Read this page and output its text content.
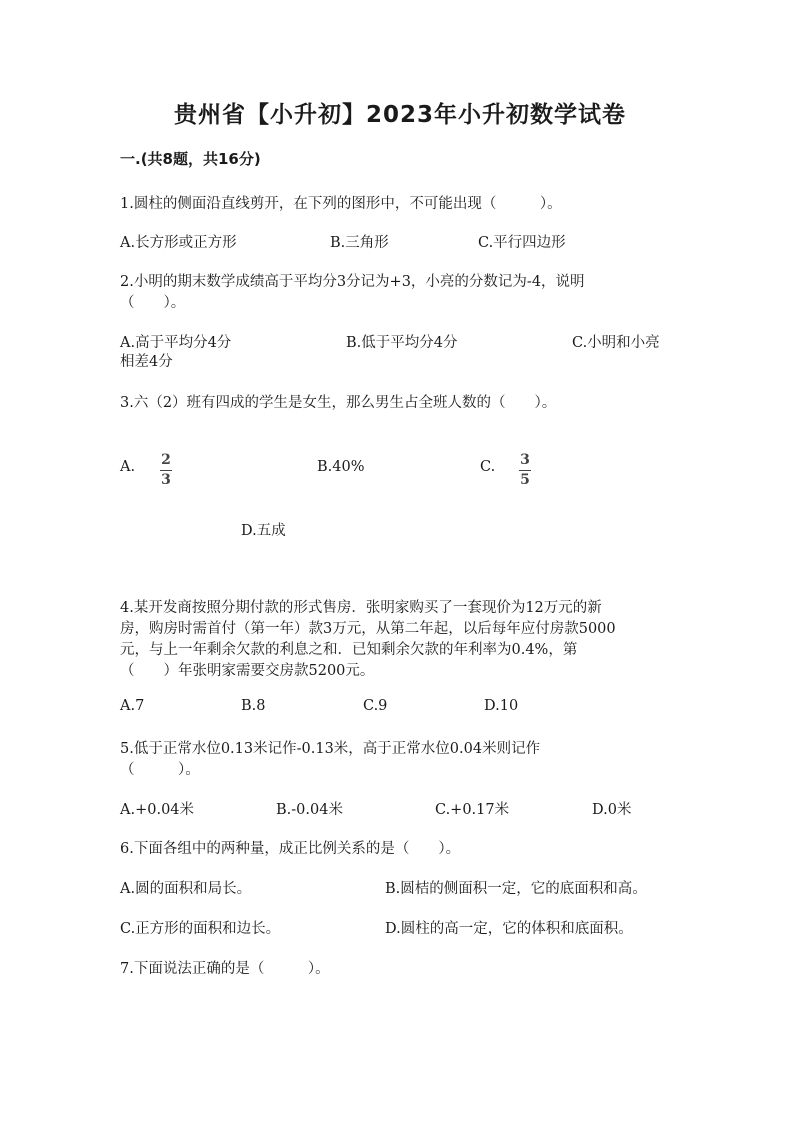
贵州省【小升初】2023年小升初数学试卷
一.(共8题，共16分)
1.圆柱的侧面沿直线剪开，在下列的图形中，不可能出现（　　　）。
A.长方形或正方形	B.三角形	C.平行四边形
2.小明的期末数学成绩高于平均分3分记为+3，小亮的分数记为-4，说明
（　　）。
A.高于平均分4分	B.低于平均分4分	C.小明和小亮
相差4分
3.六（2）班有四成的学生是女生，那么男生占全班人数的（　　）。
A. 2
3
B.40%	C. 3
5
D.五成
4.某开发商按照分期付款的形式售房．张明家购买了一套现价为12万元的新
房，购房时需首付（第一年）款3万元，从第二年起，以后每年应付房款5000
元，与上一年剩余欠款的利息之和．已知剩余欠款的年利率为0.4%，第
（　　）年张明家需要交房款5200元。
A.7	B.8	C.9	D.10
5.低于正常水位0.13米记作-0.13米，高于正常水位0.04米则记作
（　　　）。
A.+0.04米	B.-0.04米	C.+0.17米	D.0米
6.下面各组中的两种量，成正比例关系的是（　　）。
A.圆的面积和局长。	B.圆桔的侧面积一定，它的底面积和高。
C.正方形的面积和边长。	D.圆柱的高一定，它的体积和底面积。
7.下面说法正确的是（　　　）。
